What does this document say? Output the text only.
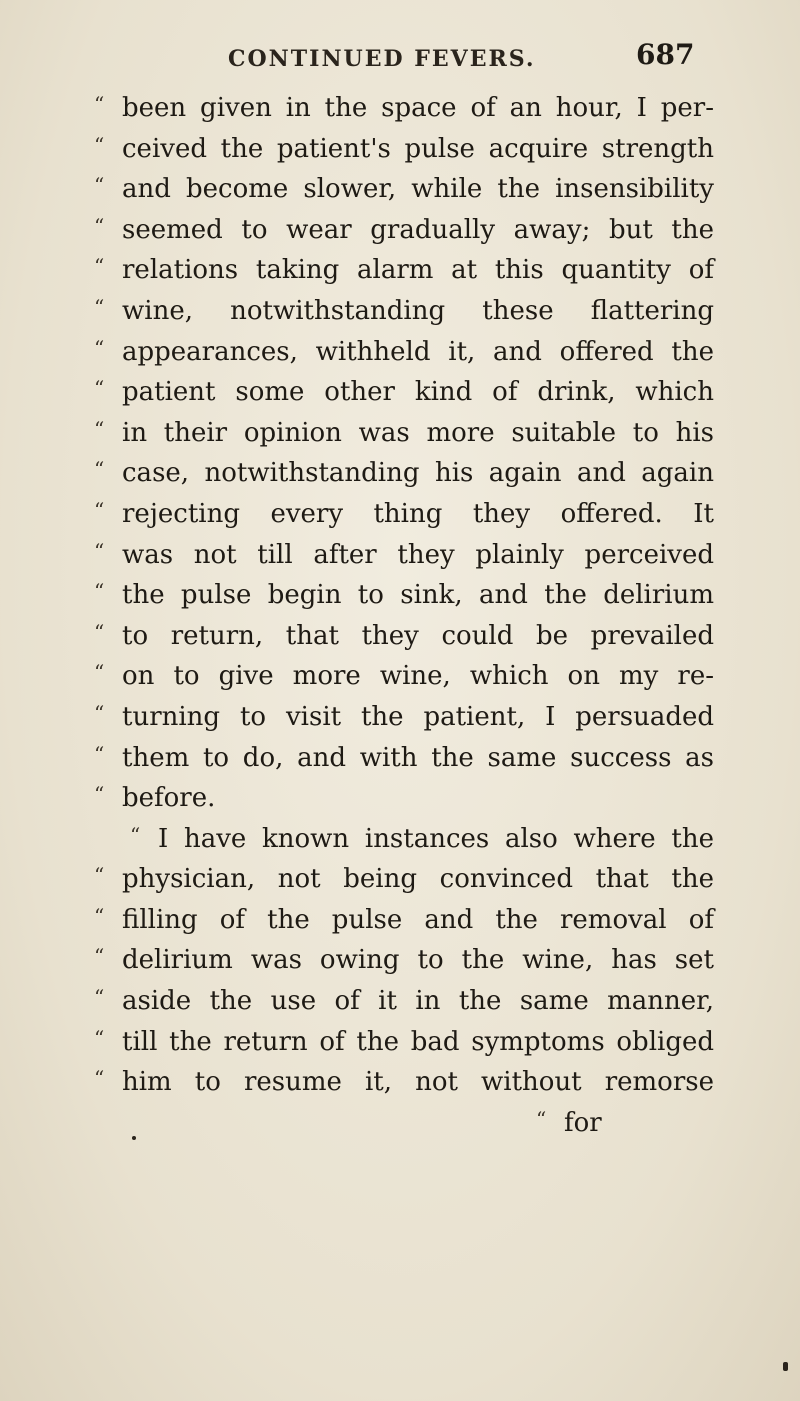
CONTINUED FEVERS.	687
“ been given in the space of an hour, I per-
“ ceived the patient's pulse acquire strength
“ and become slower, while the insensibility
“ seemed to wear gradually away; but the
“ relations taking alarm at this quantity of
“ wine, notwithstanding these flattering
“ appearances, withheld it, and offered the
“ patient some other kind of drink, which
“ in their opinion was more suitable to his
“ case, notwithstanding his again and again
“ rejecting every thing they offered. It
“ was not till after they plainly perceived
“ the pulse begin to sink, and the delirium
“ to return, that they could be prevailed
“ on to give more wine, which on my re-
“ turning to visit the patient, I persuaded
“ them to do, and with the same success as
“ before.
“ I have known instances also where the
“ physician, not being convinced that the
“ filling of the pulse and the removal of
“ delirium was owing to the wine, has set
“ aside the use of it in the same manner,
“ till the return of the bad symptoms obliged
“ him to resume it, not without remorse
“ for
